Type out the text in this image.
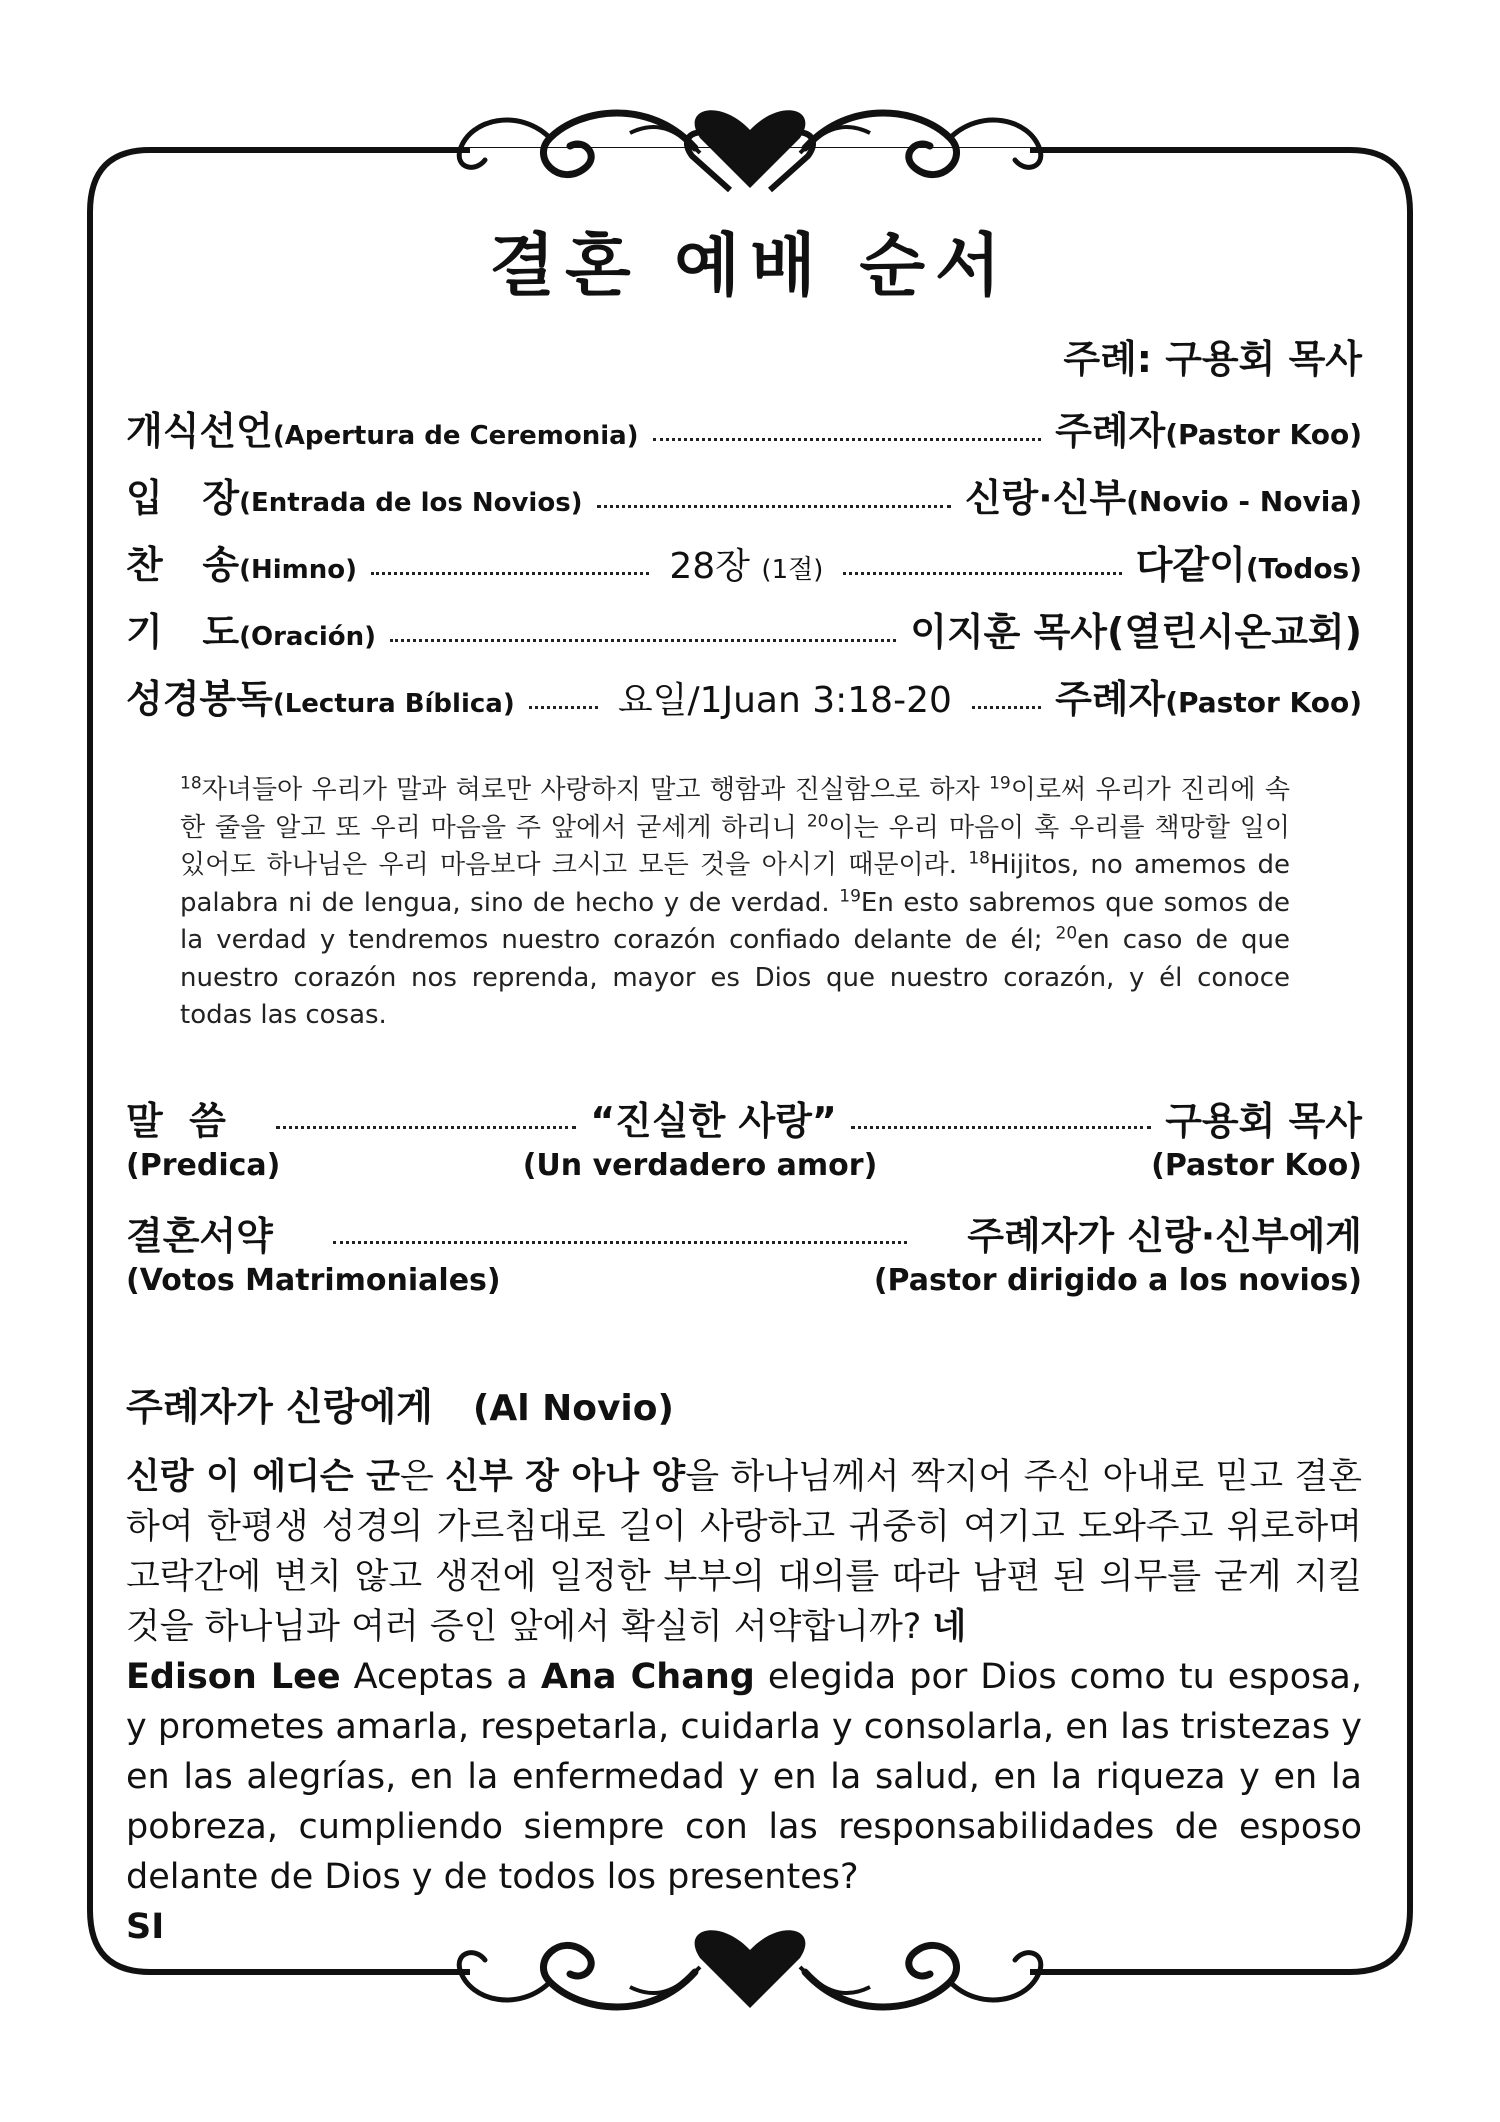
결혼 예배 순서
주례: 구용회 목사
개식선언 (Apertura de Ceremonia)	주례자(Pastor Koo)
입   장 (Entrada de los Novios)	신랑·신부(Novio - Novia)
찬   송 (Himno)	28장 (1절)	다같이(Todos)
기   도 (Oración)	이지훈 목사(열린시온교회)
성경봉독 (Lectura Bíblica)	요일/1Juan 3:18-20	주례자(Pastor Koo)
$^{18}$자녀들아 우리가 말과 혀로만 사랑하지 말고 행함과 진실함으로 하자 $^{19}$이로써 우리가 진리에 속한 줄을 알고 또 우리 마음을 주 앞에서 굳세게 하리니 $^{20}$이는 우리 마음이 혹 우리를 책망할 일이 있어도 하나님은 우리 마음보다 크시고 모든 것을 아시기 때문이라. $^{18}$Hijitos, no amemos de palabra ni de lengua, sino de hecho y de verdad. $^{19}$En esto sabremos que somos de la verdad y tendremos nuestro corazón confiado delante de él; $^{20}$en caso de que nuestro corazón nos reprenda, mayor es Dios que nuestro corazón, y él conoce todas las cosas.
말  씀	“진실한 사랑”	구용회 목사
(Predica)	(Un verdadero amor)	(Pastor Koo)
결혼서약	주례자가 신랑·신부에게
(Votos Matrimoniales)	(Pastor dirigido a los novios)
주례자가 신랑에게 (Al Novio)
신랑 이 에디슨 군은 신부 장 아나 양을 하나님께서 짝지어 주신 아내로 믿고 결혼하여 한평생 성경의 가르침대로 길이 사랑하고 귀중히 여기고 도와주고 위로하며 고락간에 변치 않고 생전에 일정한 부부의 대의를 따라 남편 된 의무를 굳게 지킬 것을 하나님과 여러 증인 앞에서 확실히 서약합니까? 네
Edison Lee Aceptas a Ana Chang elegida por Dios como tu esposa, y prometes amarla, respetarla, cuidarla y consolarla, en las tristezas y en las alegrías, en la enfermedad y en la salud, en la riqueza y en la pobreza, cumpliendo siempre con las responsabilidades de esposo delante de Dios y de todos los presentes?
SI
